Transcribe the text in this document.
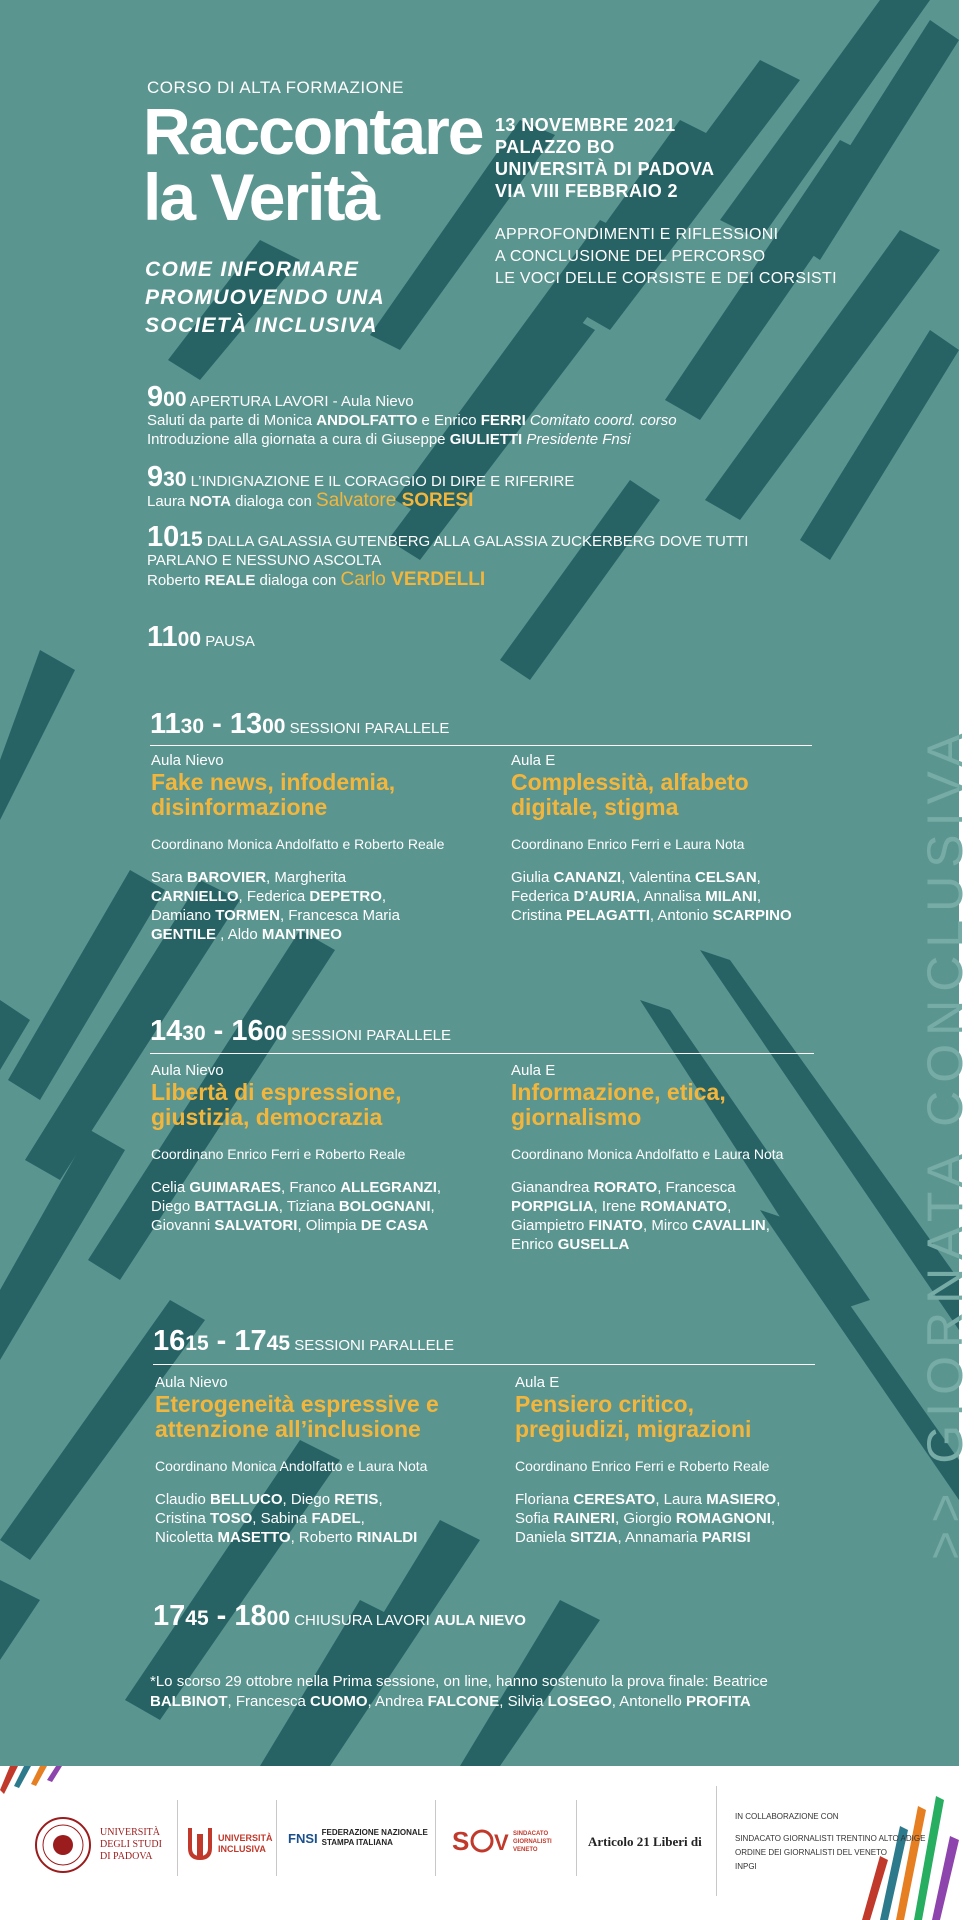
CORSO DI ALTA FORMAZIONE
Raccontare
la Verità
COME INFORMARE
PROMUOVENDO UNA
SOCIETÀ INCLUSIVA
13 NOVEMBRE 2021
PALAZZO BO
UNIVERSITÀ DI PADOVA
VIA VIII FEBBRAIO 2
APPROFONDIMENTI E RIFLESSIONI
A CONCLUSIONE DEL PERCORSO
LE VOCI DELLE CORSISTE E DEI CORSISTI
900 APERTURA LAVORI - Aula Nievo
Saluti da parte di Monica ANDOLFATTO e Enrico FERRI Comitato coord. corso
Introduzione alla giornata a cura di Giuseppe GIULIETTI Presidente Fnsi
930 L’INDIGNAZIONE E IL CORAGGIO DI DIRE E RIFERIRE
Laura NOTA dialoga con Salvatore SORESI
1015 DALLA GALASSIA GUTENBERG ALLA GALASSIA ZUCKERBERG DOVE TUTTI
PARLANO E NESSUNO ASCOLTA
Roberto REALE dialoga con Carlo VERDELLI
1100 PAUSA
1130 - 1300 SESSIONI PARALLELE
Aula Nievo
Fake news, infodemia,
disinformazione
Coordinano Monica Andolfatto e Roberto Reale
Sara BAROVIER, Margherita
CARNIELLO, Federica DEPETRO,
Damiano TORMEN, Francesca Maria
GENTILE , Aldo MANTINEO
Aula E
Complessità, alfabeto
digitale, stigma
Coordinano Enrico Ferri e Laura Nota
Giulia CANANZI, Valentina CELSAN,
Federica D’AURIA, Annalisa MILANI,
Cristina PELAGATTI, Antonio SCARPINO
1430 - 1600 SESSIONI PARALLELE
Aula Nievo
Libertà di espressione,
giustizia, democrazia
Coordinano Enrico Ferri e Roberto Reale
Celia GUIMARAES, Franco ALLEGRANZI,
Diego BATTAGLIA, Tiziana BOLOGNANI,
Giovanni SALVATORI, Olimpia DE CASA
Aula E
Informazione, etica,
giornalismo
Coordinano Monica Andolfatto e Laura Nota
Gianandrea RORATO, Francesca
PORPIGLIA, Irene ROMANATO,
Giampietro FINATO, Mirco CAVALLIN,
Enrico GUSELLA
1615 - 1745 SESSIONI PARALLELE
Aula Nievo
Eterogeneità espressive e
attenzione all’inclusione
Coordinano Monica Andolfatto e Laura Nota
Claudio BELLUCO, Diego RETIS,
Cristina TOSO, Sabina FADEL,
Nicoletta MASETTO, Roberto RINALDI
Aula E
Pensiero critico,
pregiudizi, migrazioni
Coordinano Enrico Ferri e Roberto Reale
Floriana CERESATO, Laura MASIERO,
Sofia RAINERI, Giorgio ROMAGNONI,
Daniela SITZIA, Annamaria PARISI
1745 - 1800 CHIUSURA LAVORI AULA NIEVO
*Lo scorso 29 ottobre nella Prima sessione, on line, hanno sostenuto la prova finale: Beatrice
BALBINOT, Francesca CUOMO, Andrea FALCONE, Silvia LOSEGO, Antonello PROFITA
>> GIORNATA CONCLUSIVA
UNIVERSITÀ
DEGLI STUDI
DI PADOVA
UNIVERSITÀ
INCLUSIVA
FNSI FEDERAZIONE NAZIONALE
STAMPA ITALIANA	S V SINDACATO
GIORNALISTI
VENETO
Articolo 21 Liberi di
IN COLLABORAZIONE CON
SINDACATO GIORNALISTI TRENTINO ALTO ADIGE
ORDINE DEI GIORNALISTI DEL VENETO
INPGI
